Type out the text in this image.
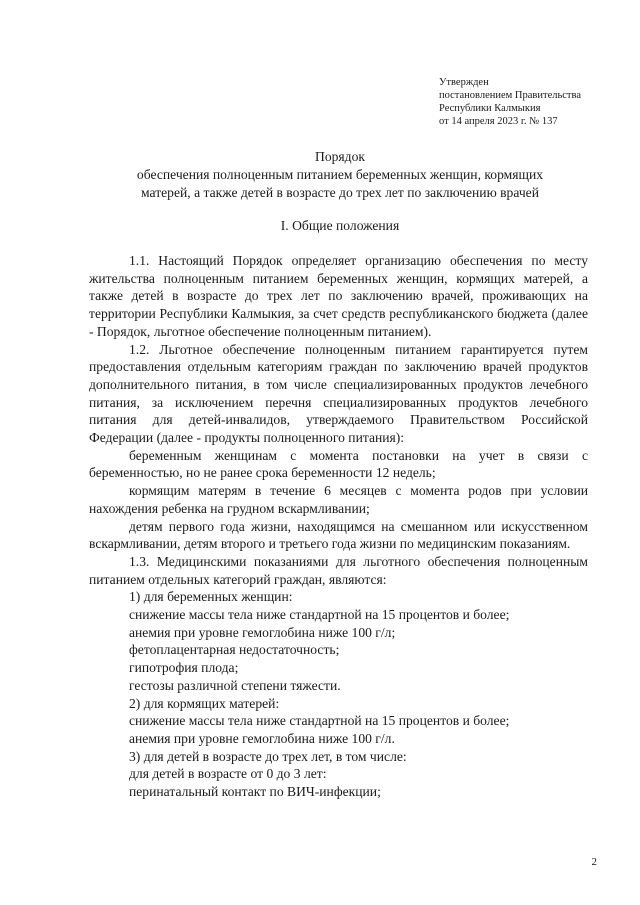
Утвержден
постановлением Правительства
Республики Калмыкия
от 14 апреля 2023 г. № 137
Порядок
обеспечения полноценным питанием беременных женщин, кормящих
матерей, а также детей в возрасте до трех лет по заключению врачей
I. Общие положения

1.1. Настоящий Порядок определяет организацию обеспечения по месту жительства полноценным питанием беременных женщин, кормящих матерей, а также детей в возрасте до трех лет по заключению врачей, проживающих на территории Республики Калмыкия, за счет средств республиканского бюджета (далее - Порядок, льготное обеспечение полноценным питанием).

1.2. Льготное обеспечение полноценным питанием гарантируется путем предоставления отдельным категориям граждан по заключению врачей продуктов дополнительного питания, в том числе специализированных продуктов лечебного питания, за исключением перечня специализированных продуктов лечебного питания для детей-инвалидов, утверждаемого Правительством Российской Федерации (далее - продукты полноценного питания):

беременным женщинам с момента постановки на учет в связи с беременностью, но не ранее срока беременности 12 недель;

кормящим матерям в течение 6 месяцев с момента родов при условии нахождения ребенка на грудном вскармливании;

детям первого года жизни, находящимся на смешанном или искусственном вскармливании, детям второго и третьего года жизни по медицинским показаниям.

1.3. Медицинскими показаниями для льготного обеспечения полноценным питанием отдельных категорий граждан, являются:

1) для беременных женщин:

снижение массы тела ниже стандартной на 15 процентов и более;

анемия при уровне гемоглобина ниже 100 г/л;

фетоплацентарная недостаточность;

гипотрофия плода;

гестозы различной степени тяжести.

2) для кормящих матерей:

снижение массы тела ниже стандартной на 15 процентов и более;

анемия при уровне гемоглобина ниже 100 г/л.

3) для детей в возрасте до трех лет, в том числе:

для детей в возрасте от 0 до 3 лет:

перинатальный контакт по ВИЧ-инфекции;

2
